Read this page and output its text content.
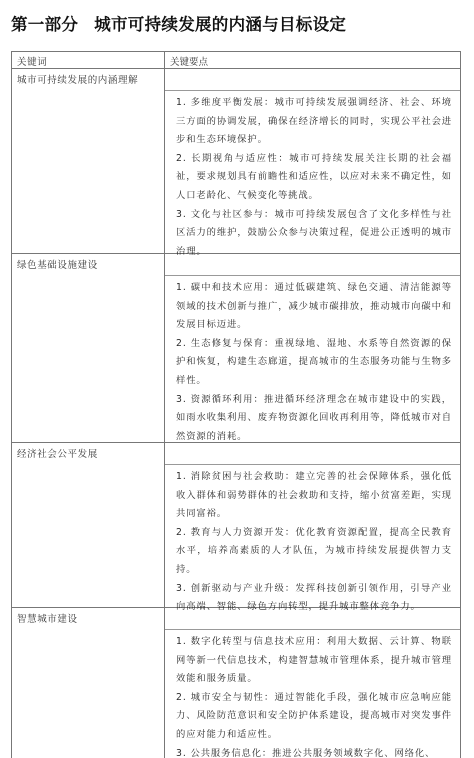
第一部分 城市可持续发展的内涵与目标设定
关键词	关键要点
城市可持续发展的内涵理解

1. 多维度平衡发展：城市可持续发展强调经济、社会、环境三方面的协调发展，确保在经济增长的同时，实现公平社会进步和生态环境保护。

2. 长期视角与适应性：城市可持续发展关注长期的社会福祉，要求规划具有前瞻性和适应性，以应对未来不确定性，如人口老龄化、气候变化等挑战。

3. 文化与社区参与：城市可持续发展包含了文化多样性与社区活力的维护，鼓励公众参与决策过程，促进公正透明的城市治理。

绿色基础设施建设

1. 碳中和技术应用：通过低碳建筑、绿色交通、清洁能源等领域的技术创新与推广，减少城市碳排放，推动城市向碳中和发展目标迈进。

2. 生态修复与保育：重视绿地、湿地、水系等自然资源的保护和恢复，构建生态廊道，提高城市的生态服务功能与生物多样性。

3. 资源循环利用：推进循环经济理念在城市建设中的实践，如雨水收集利用、废弃物资源化回收再利用等，降低城市对自然资源的消耗。

经济社会公平发展

1. 消除贫困与社会救助：建立完善的社会保障体系，强化低收入群体和弱势群体的社会救助和支持，缩小贫富差距，实现共同富裕。

2. 教育与人力资源开发：优化教育资源配置，提高全民教育水平，培养高素质的人才队伍，为城市持续发展提供智力支持。

3. 创新驱动与产业升级：发挥科技创新引领作用，引导产业向高端、智能、绿色方向转型，提升城市整体竞争力。

智慧城市建设

1. 数字化转型与信息技术应用：利用大数据、云计算、物联网等新一代信息技术，构建智慧城市管理体系，提升城市管理效能和服务质量。

2. 城市安全与韧性：通过智能化手段，强化城市应急响应能力、风险防范意识和安全防护体系建设，提高城市对突发事件的应对能力和适应性。

3. 公共服务信息化：推进公共服务领域数字化、网络化、
